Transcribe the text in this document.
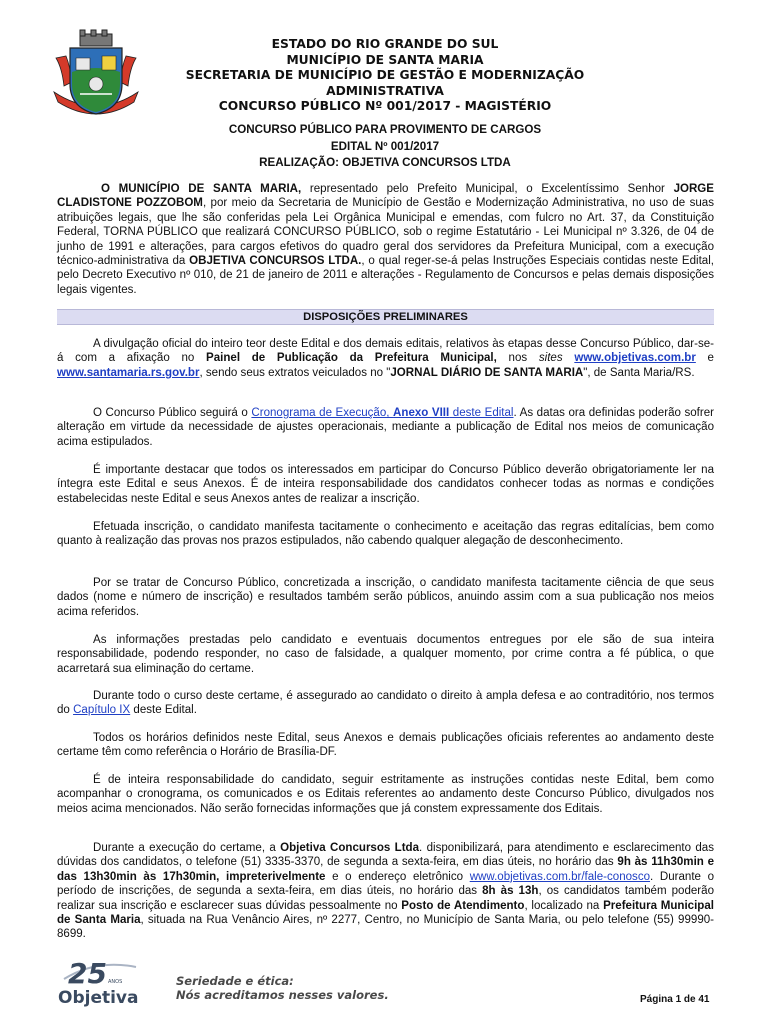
ESTADO DO RIO GRANDE DO SUL
MUNICÍPIO DE SANTA MARIA
SECRETARIA DE MUNICÍPIO DE GESTÃO E MODERNIZAÇÃO
ADMINISTRATIVA
CONCURSO PÚBLICO Nº 001/2017 - MAGISTÉRIO
CONCURSO PÚBLICO PARA PROVIMENTO DE CARGOS
EDITAL Nº 001/2017
REALIZAÇÃO: OBJETIVA CONCURSOS LTDA

O MUNICÍPIO DE SANTA MARIA, representado pelo Prefeito Municipal, o Excelentíssimo Senhor JORGE CLADISTONE POZZOBOM, por meio da Secretaria de Município de Gestão e Modernização Administrativa, no uso de suas atribuições legais, que lhe são conferidas pela Lei Orgânica Municipal e emendas, com fulcro no Art. 37, da Constituição Federal, TORNA PÚBLICO que realizará CONCURSO PÚBLICO, sob o regime Estatutário - Lei Municipal nº 3.326, de 04 de junho de 1991 e alterações, para cargos efetivos do quadro geral dos servidores da Prefeitura Municipal, com a execução técnico-administrativa da OBJETIVA CONCURSOS LTDA., o qual reger-se-á pelas Instruções Especiais contidas neste Edital, pelo Decreto Executivo nº 010, de 21 de janeiro de 2011 e alterações - Regulamento de Concursos e pelas demais disposições legais vigentes.

DISPOSIÇÕES PRELIMINARES

A divulgação oficial do inteiro teor deste Edital e dos demais editais, relativos às etapas desse Concurso Público, dar-se-á com a afixação no Painel de Publicação da Prefeitura Municipal, nos sites www.objetivas.com.br e www.santamaria.rs.gov.br, sendo seus extratos veiculados no "JORNAL DIÁRIO DE SANTA MARIA", de Santa Maria/RS.

O Concurso Público seguirá o Cronograma de Execução, Anexo VIII deste Edital. As datas ora definidas poderão sofrer alteração em virtude da necessidade de ajustes operacionais, mediante a publicação de Edital nos meios de comunicação acima estipulados.

É importante destacar que todos os interessados em participar do Concurso Público deverão obrigatoriamente ler na íntegra este Edital e seus Anexos. É de inteira responsabilidade dos candidatos conhecer todas as normas e condições estabelecidas neste Edital e seus Anexos antes de realizar a inscrição.

Efetuada inscrição, o candidato manifesta tacitamente o conhecimento e aceitação das regras editalícias, bem como quanto à realização das provas nos prazos estipulados, não cabendo qualquer alegação de desconhecimento.

Por se tratar de Concurso Público, concretizada a inscrição, o candidato manifesta tacitamente ciência de que seus dados (nome e número de inscrição) e resultados também serão públicos, anuindo assim com a sua publicação nos meios acima referidos.

As informações prestadas pelo candidato e eventuais documentos entregues por ele são de sua inteira responsabilidade, podendo responder, no caso de falsidade, a qualquer momento, por crime contra a fé pública, o que acarretará sua eliminação do certame.

Durante todo o curso deste certame, é assegurado ao candidato o direito à ampla defesa e ao contraditório, nos termos do Capítulo IX deste Edital.

Todos os horários definidos neste Edital, seus Anexos e demais publicações oficiais referentes ao andamento deste certame têm como referência o Horário de Brasília-DF.

É de inteira responsabilidade do candidato, seguir estritamente as instruções contidas neste Edital, bem como acompanhar o cronograma, os comunicados e os Editais referentes ao andamento deste Concurso Público, divulgados nos meios acima mencionados. Não serão fornecidas informações que já constem expressamente dos Editais.

Durante a execução do certame, a Objetiva Concursos Ltda. disponibilizará, para atendimento e esclarecimento das dúvidas dos candidatos, o telefone (51) 3335-3370, de segunda a sexta-feira, em dias úteis, no horário das 9h às 11h30min e das 13h30min às 17h30min, impreterivelmente e o endereço eletrônico www.objetivas.com.br/fale-conosco. Durante o período de inscrições, de segunda a sexta-feira, em dias úteis, no horário das 8h às 13h, os candidatos também poderão realizar sua inscrição e esclarecer suas dúvidas pessoalmente no Posto de Atendimento, localizado na Prefeitura Municipal de Santa Maria, situada na Rua Venâncio Aires, nº 2277, Centro, no Município de Santa Maria, ou pelo telefone (55) 99990-8699.

25 ANOS
Objetiva
Seriedade e ética:
Nós acreditamos nesses valores.	Página 1 de 41
